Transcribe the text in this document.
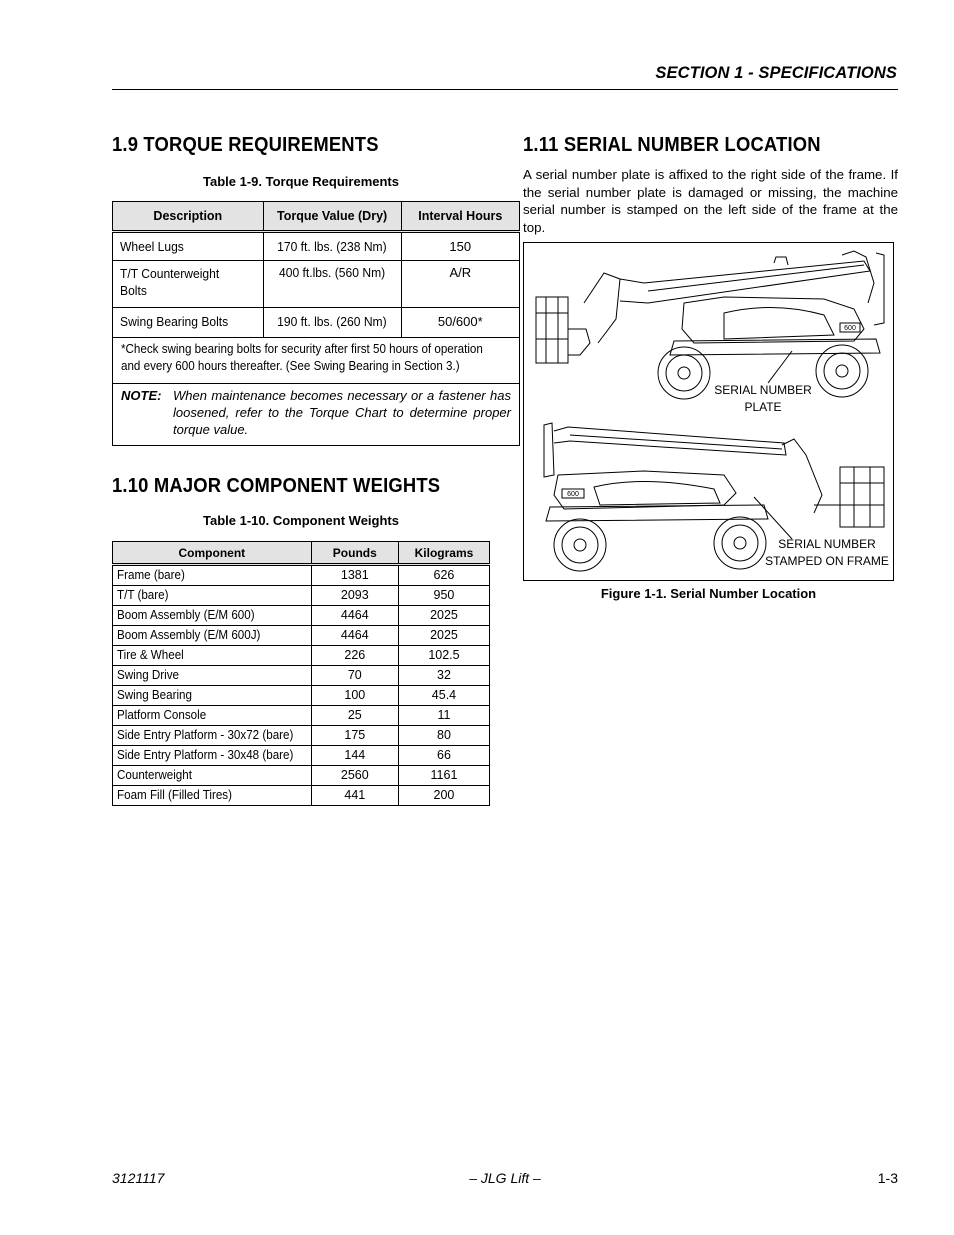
SECTION 1 - SPECIFICATIONS
1.9 TORQUE REQUIREMENTS
Table 1-9. Torque Requirements
Description	Torque Value (Dry)	Interval Hours
Wheel Lugs	170 ft. lbs. (238 Nm)	150
T/T Counterweight Bolts	400 ft.lbs. (560 Nm)	A/R
Swing Bearing Bolts	190 ft. lbs. (260 Nm)	50/600*
*Check swing bearing bolts for security after first 50 hours of operation and every 600 hours thereafter. (See Swing Bearing in Section 3.)		

NOTE: When maintenance becomes necessary or a fastener has loosened, refer to the Torque Chart to determine proper torque value.		
1.10 MAJOR COMPONENT WEIGHTS
Table 1-10. Component Weights
Component	Pounds	Kilograms
Frame (bare)	1381	626
T/T (bare)	2093	950
Boom Assembly (E/M 600)	4464	2025
Boom Assembly (E/M 600J)	4464	2025
Tire & Wheel	226	102.5
Swing Drive	70	32
Swing Bearing	100	45.4
Platform Console	25	11
Side Entry Platform - 30x72 (bare)	175	80
Side Entry Platform - 30x48 (bare)	144	66
Counterweight	2560	1161
Foam Fill (Filled Tires)	441	200
1.11 SERIAL NUMBER LOCATION
A serial number plate is affixed to the right side of the frame. If the serial number plate is damaged or missing, the machine serial number is stamped on the left side of the frame at the top.
600
600
SERIAL NUMBER
PLATE
SERIAL NUMBER
STAMPED ON FRAME
Figure 1-1. Serial Number Location
3121117	– JLG Lift –	1-3
